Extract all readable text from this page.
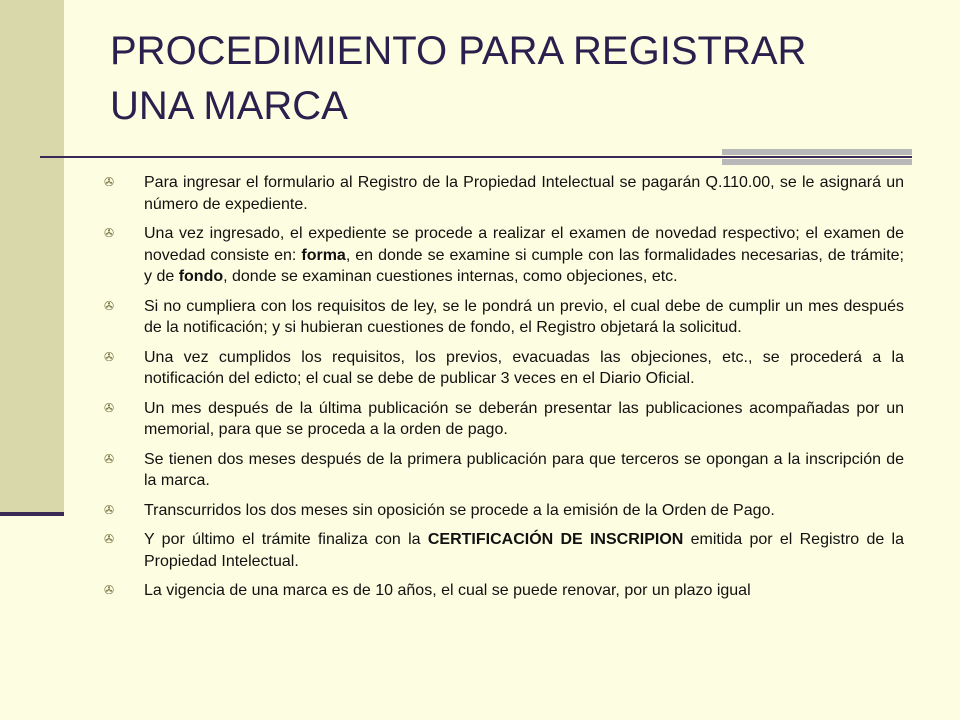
PROCEDIMIENTO PARA REGISTRAR
UNA MARCA
✇ Para ingresar el formulario al Registro de la Propiedad Intelectual se pagarán Q.110.00, se le asignará un número de expediente.
✇ Una vez ingresado, el expediente se procede a realizar el examen de novedad respectivo; el examen de novedad consiste en: forma, en donde se examine si cumple con las formalidades necesarias, de trámite; y de fondo, donde se examinan cuestiones internas, como objeciones, etc.
✇ Si no cumpliera con los requisitos de ley, se le pondrá un previo, el cual debe de cumplir un mes después de la notificación; y si hubieran cuestiones de fondo, el Registro objetará la solicitud.
✇ Una vez cumplidos los requisitos, los previos, evacuadas las objeciones, etc., se procederá a la notificación del edicto; el cual se debe de publicar 3 veces en el Diario Oficial.
✇ Un mes después de la última publicación se deberán presentar las publicaciones acompañadas por un memorial, para que se proceda a la orden de pago.
✇ Se tienen dos meses después de la primera publicación para que terceros se opongan a la inscripción de la marca.
✇ Transcurridos los dos meses sin oposición se procede a la emisión de la Orden de Pago.
✇ Y por último el trámite finaliza con la CERTIFICACIÓN DE INSCRIPION emitida por el Registro de la Propiedad Intelectual.
✇ La vigencia de una marca es de 10 años, el cual se puede renovar, por un plazo igual
